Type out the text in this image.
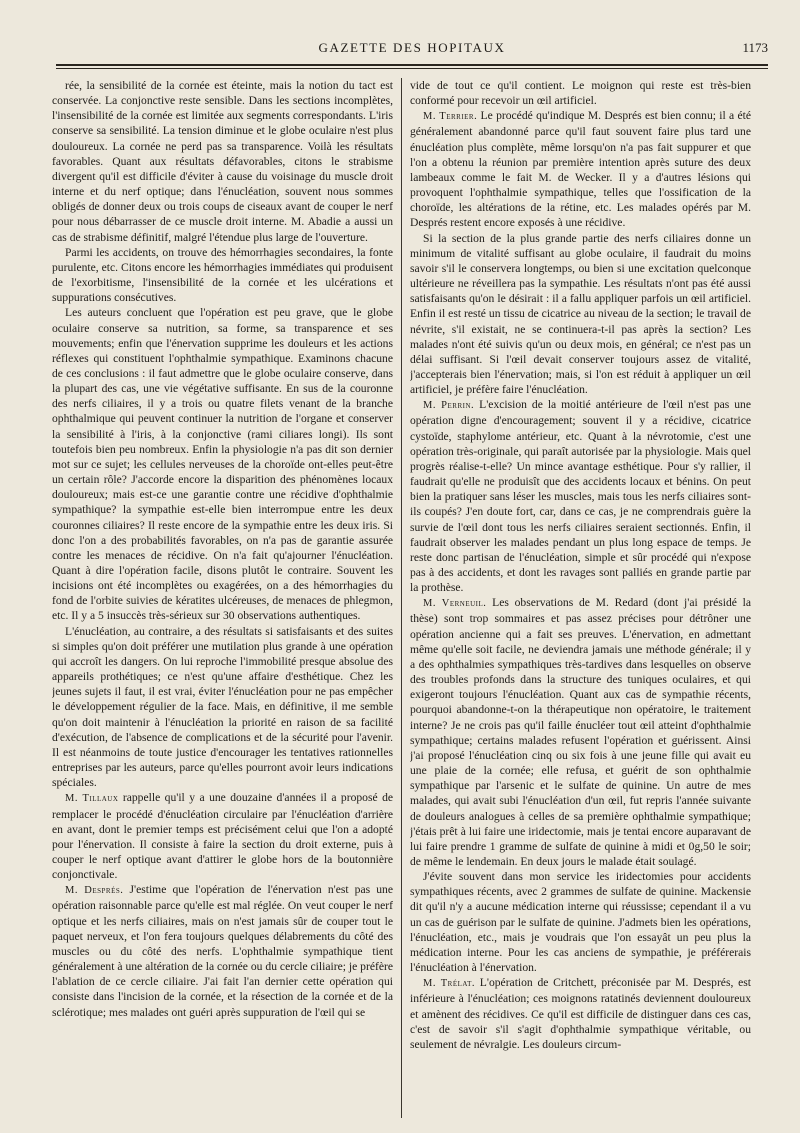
GAZETTE DES HOPITAUX	1173

rée, la sensibilité de la cornée est éteinte, mais la notion du tact est conservée. La conjonctive reste sensible. Dans les sections incomplètes, l'insensibilité de la cornée est limitée aux segments correspondants. L'iris conserve sa sensibilité. La tension diminue et le globe oculaire n'est plus douloureux. La cornée ne perd pas sa transparence. Voilà les résultats favorables. Quant aux résultats défavorables, citons le strabisme divergent qu'il est difficile d'éviter à cause du voisinage du muscle droit interne et du nerf optique; dans l'énucléation, souvent nous sommes obligés de donner deux ou trois coups de ciseaux avant de couper le nerf pour nous débarrasser de ce muscle droit interne. M. Abadie a aussi un cas de strabisme définitif, malgré l'étendue plus large de l'ouverture.

Parmi les accidents, on trouve des hémorrhagies secondaires, la fonte purulente, etc. Citons encore les hémorrhagies immédiates qui produisent de l'exorbitisme, l'insensibilité de la cornée et les ulcérations et suppurations consécutives.

Les auteurs concluent que l'opération est peu grave, que le globe oculaire conserve sa nutrition, sa forme, sa transparence et ses mouvements; enfin que l'énervation supprime les douleurs et les actions réflexes qui constituent l'ophthalmie sympathique. Examinons chacune de ces conclusions : il faut admettre que le globe oculaire conserve, dans la plupart des cas, une vie végétative suffisante. En sus de la couronne des nerfs ciliaires, il y a trois ou quatre filets venant de la branche ophthalmique qui peuvent continuer la nutrition de l'organe et conserver la sensibilité à l'iris, à la conjonctive (rami ciliares longi). Ils sont toutefois bien peu nombreux. Enfin la physiologie n'a pas dit son dernier mot sur ce sujet; les cellules nerveuses de la choroïde ont-elles peut-être un certain rôle? J'accorde encore la disparition des phénomènes locaux douloureux; mais est-ce une garantie contre une récidive d'ophthalmie sympathique? la sympathie est-elle bien interrompue entre les deux couronnes ciliaires? Il reste encore de la sympathie entre les deux iris. Si donc l'on a des probabilités favorables, on n'a pas de garantie assurée contre les menaces de récidive. On n'a fait qu'ajourner l'énucléation. Quant à dire l'opération facile, disons plutôt le contraire. Souvent les incisions ont été incomplètes ou exagérées, on a des hémorrhagies du fond de l'orbite suivies de kératites ulcéreuses, de menaces de phlegmon, etc. Il y a 5 insuccès très-sérieux sur 30 observations authentiques.

L'énucléation, au contraire, a des résultats si satisfaisants et des suites si simples qu'on doit préférer une mutilation plus grande à une opération qui accroît les dangers. On lui reproche l'immobilité presque absolue des appareils prothétiques; ce n'est qu'une affaire d'esthétique. Chez les jeunes sujets il faut, il est vrai, éviter l'énucléation pour ne pas empêcher le développement régulier de la face. Mais, en définitive, il me semble qu'on doit maintenir à l'énucléation la priorité en raison de sa facilité d'exécution, de l'absence de complications et de la sécurité pour l'avenir. Il est néanmoins de toute justice d'encourager les tentatives rationnelles entreprises par les auteurs, parce qu'elles pourront avoir leurs indications spéciales.

M. Tillaux rappelle qu'il y a une douzaine d'années il a proposé de remplacer le procédé d'énucléation circulaire par l'énucléation d'arrière en avant, dont le premier temps est précisément celui que l'on a adopté pour l'énervation. Il consiste à faire la section du droit externe, puis à couper le nerf optique avant d'attirer le globe hors de la boutonnière conjonctivale.

M. Després. J'estime que l'opération de l'énervation n'est pas une opération raisonnable parce qu'elle est mal réglée. On veut couper le nerf optique et les nerfs ciliaires, mais on n'est jamais sûr de couper tout le paquet nerveux, et l'on fera toujours quelques délabrements du côté des muscles ou du côté des nerfs. L'ophthalmie sympathique tient généralement à une altération de la cornée ou du cercle ciliaire; je préfère l'ablation de ce cercle ciliaire. J'ai fait l'an dernier cette opération qui consiste dans l'incision de la cornée, et la résection de la cornée et de la sclérotique; mes malades ont guéri après suppuration de l'œil qui se

vide de tout ce qu'il contient. Le moignon qui reste est très-bien conformé pour recevoir un œil artificiel.

M. Terrier. Le procédé qu'indique M. Després est bien connu; il a été généralement abandonné parce qu'il faut souvent faire plus tard une énucléation plus complète, même lorsqu'on n'a pas fait suppurer et que l'on a obtenu la réunion par première intention après suture des deux lambeaux comme le fait M. de Wecker. Il y a d'autres lésions qui provoquent l'ophthalmie sympathique, telles que l'ossification de la choroïde, les altérations de la rétine, etc. Les malades opérés par M. Després restent encore exposés à une récidive.

Si la section de la plus grande partie des nerfs ciliaires donne un minimum de vitalité suffisant au globe oculaire, il faudrait du moins savoir s'il le conservera longtemps, ou bien si une excitation quelconque ultérieure ne réveillera pas la sympathie. Les résultats n'ont pas été aussi satisfaisants qu'on le désirait : il a fallu appliquer parfois un œil artificiel. Enfin il est resté un tissu de cicatrice au niveau de la section; le travail de névrite, s'il existait, ne se continuera-t-il pas après la section? Les malades n'ont été suivis qu'un ou deux mois, en général; ce n'est pas un délai suffisant. Si l'œil devait conserver toujours assez de vitalité, j'accepterais bien l'énervation; mais, si l'on est réduit à appliquer un œil artificiel, je préfère faire l'énucléation.

M. Perrin. L'excision de la moitié antérieure de l'œil n'est pas une opération digne d'encouragement; souvent il y a récidive, cicatrice cystoïde, staphylome antérieur, etc. Quant à la névrotomie, c'est une opération très-originale, qui paraît autorisée par la physiologie. Mais quel progrès réalise-t-elle? Un mince avantage esthétique. Pour s'y rallier, il faudrait qu'elle ne produisît que des accidents locaux et bénins. On peut bien la pratiquer sans léser les muscles, mais tous les nerfs ciliaires sont-ils coupés? J'en doute fort, car, dans ce cas, je ne comprendrais guère la survie de l'œil dont tous les nerfs ciliaires seraient sectionnés. Enfin, il faudrait observer les malades pendant un plus long espace de temps. Je reste donc partisan de l'énucléation, simple et sûr procédé qui n'expose pas à des accidents, et dont les ravages sont palliés en grande partie par la prothèse.

M. Verneuil. Les observations de M. Redard (dont j'ai présidé la thèse) sont trop sommaires et pas assez précises pour détrôner une opération ancienne qui a fait ses preuves. L'énervation, en admettant même qu'elle soit facile, ne deviendra jamais une méthode générale; il y a des ophthalmies sympathiques très-tardives dans lesquelles on observe des troubles profonds dans la structure des tuniques oculaires, et qui exigeront toujours l'énucléation. Quant aux cas de sympathie récents, pourquoi abandonne-t-on la thérapeutique non opératoire, le traitement interne? Je ne crois pas qu'il faille énucléer tout œil atteint d'ophthalmie sympathique; certains malades refusent l'opération et guérissent. Ainsi j'ai proposé l'énucléation cinq ou six fois à une jeune fille qui avait eu une plaie de la cornée; elle refusa, et guérit de son ophthalmie sympathique par l'arsenic et le sulfate de quinine. Un autre de mes malades, qui avait subi l'énucléation d'un œil, fut repris l'année suivante de douleurs analogues à celles de sa première ophthalmie sympathique; j'étais prêt à lui faire une iridectomie, mais je tentai encore auparavant de lui faire prendre 1 gramme de sulfate de quinine à midi et 0g,50 le soir; de même le lendemain. En deux jours le malade était soulagé.

J'évite souvent dans mon service les iridectomies pour accidents sympathiques récents, avec 2 grammes de sulfate de quinine. Mackensie dit qu'il n'y a aucune médication interne qui réussisse; cependant il a vu un cas de guérison par le sulfate de quinine. J'admets bien les opérations, l'énucléation, etc., mais je voudrais que l'on essayât un peu plus la médication interne. Pour les cas anciens de sympathie, je préférerais l'énucléation à l'énervation.

M. Trélat. L'opération de Critchett, préconisée par M. Després, est inférieure à l'énucléation; ces moignons ratatinés deviennent douloureux et amènent des récidives. Ce qu'il est difficile de distinguer dans ces cas, c'est de savoir s'il s'agit d'ophthalmie sympathique véritable, ou seulement de névralgie. Les douleurs circum-
